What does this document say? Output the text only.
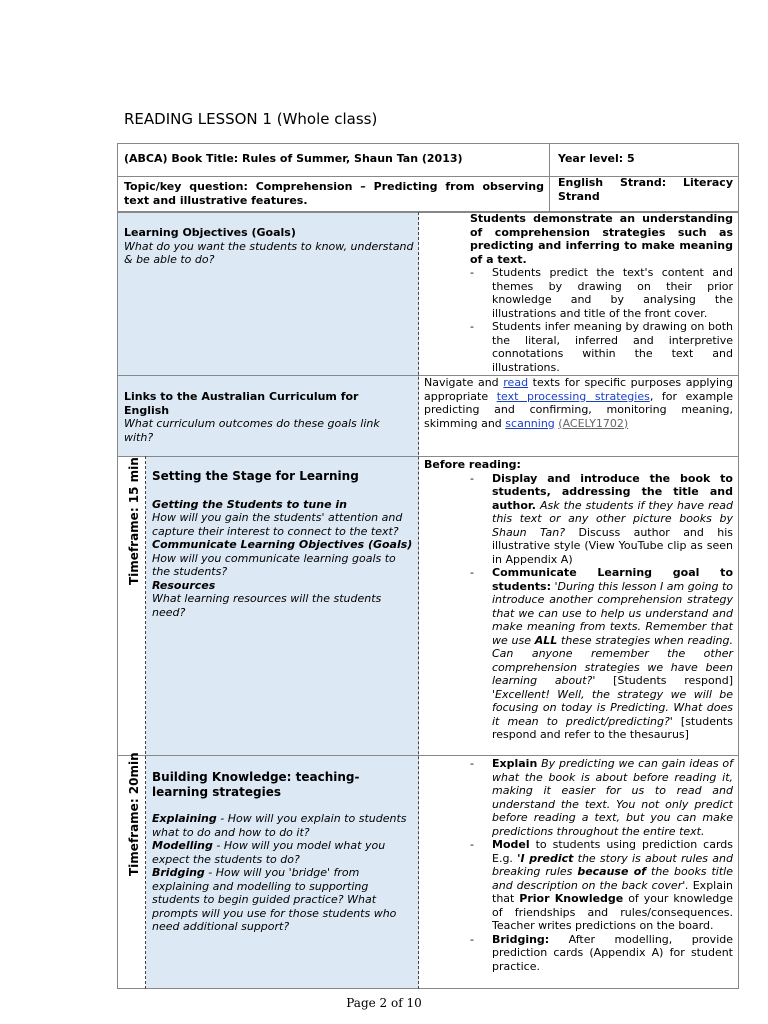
READING LESSON 1 (Whole class)
(ABCA) Book Title: Rules of Summer, Shaun Tan (2013)	Year level: 5
Topic/key question: Comprehension – Predicting from observing text and illustrative features.
English Strand: Literacy Strand
Learning Objectives (Goals)
What do you want the students to know, understand & be able to do?

Students demonstrate an understanding of comprehension strategies such as predicting and inferring to make meaning of a text.

- Students predict the text's content and themes by drawing on their prior knowledge and by analysing the illustrations and title of the front cover.
- Students infer meaning by drawing on both the literal, inferred and interpretive connotations within the text and illustrations.
Links to the Australian Curriculum for English
What curriculum outcomes do these goals link with?
Navigate and read texts for specific purposes applying appropriate text processing strategies, for example predicting and confirming, monitoring meaning, skimming and scanning (ACELY1702)
Timeframe: 15 min Setting the Stage for Learning
Getting the Students to tune in
How will you gain the students' attention and capture their interest to connect to the text?
Communicate Learning Objectives (Goals)
How will you communicate learning goals to the students?
Resources
What learning resources will the students need?
Before reading:
- Display and introduce the book to students, addressing the title and author. Ask the students if they have read this text or any other picture books by Shaun Tan? Discuss author and his illustrative style (View YouTube clip as seen in Appendix A)
- Communicate Learning goal to students: 'During this lesson I am going to introduce another comprehension strategy that we can use to help us understand and make meaning from texts. Remember that we use ALL these strategies when reading. Can anyone remember the other comprehension strategies we have been learning about?' [Students respond] 'Excellent! Well, the strategy we will be focusing on today is Predicting. What does it mean to predict/predicting?' [students respond and refer to the thesaurus]
Timeframe: 20min Building Knowledge: teaching-learning strategies
Explaining - How will you explain to students what to do and how to do it?
Modelling - How will you model what you expect the students to do?
Bridging - How will you 'bridge' from explaining and modelling to supporting students to begin guided practice? What prompts will you use for those students who need additional support?
- Explain By predicting we can gain ideas of what the book is about before reading it, making it easier for us to read and understand the text. You not only predict before reading a text, but you can make predictions throughout the entire text.
- Model to students using prediction cards E.g. 'I predict the story is about rules and breaking rules because of the books title and description on the back cover'. Explain that Prior Knowledge of your knowledge of friendships and rules/consequences. Teacher writes predictions on the board.
- Bridging: After modelling, provide prediction cards (Appendix A) for student practice.
Page 2 of 10
